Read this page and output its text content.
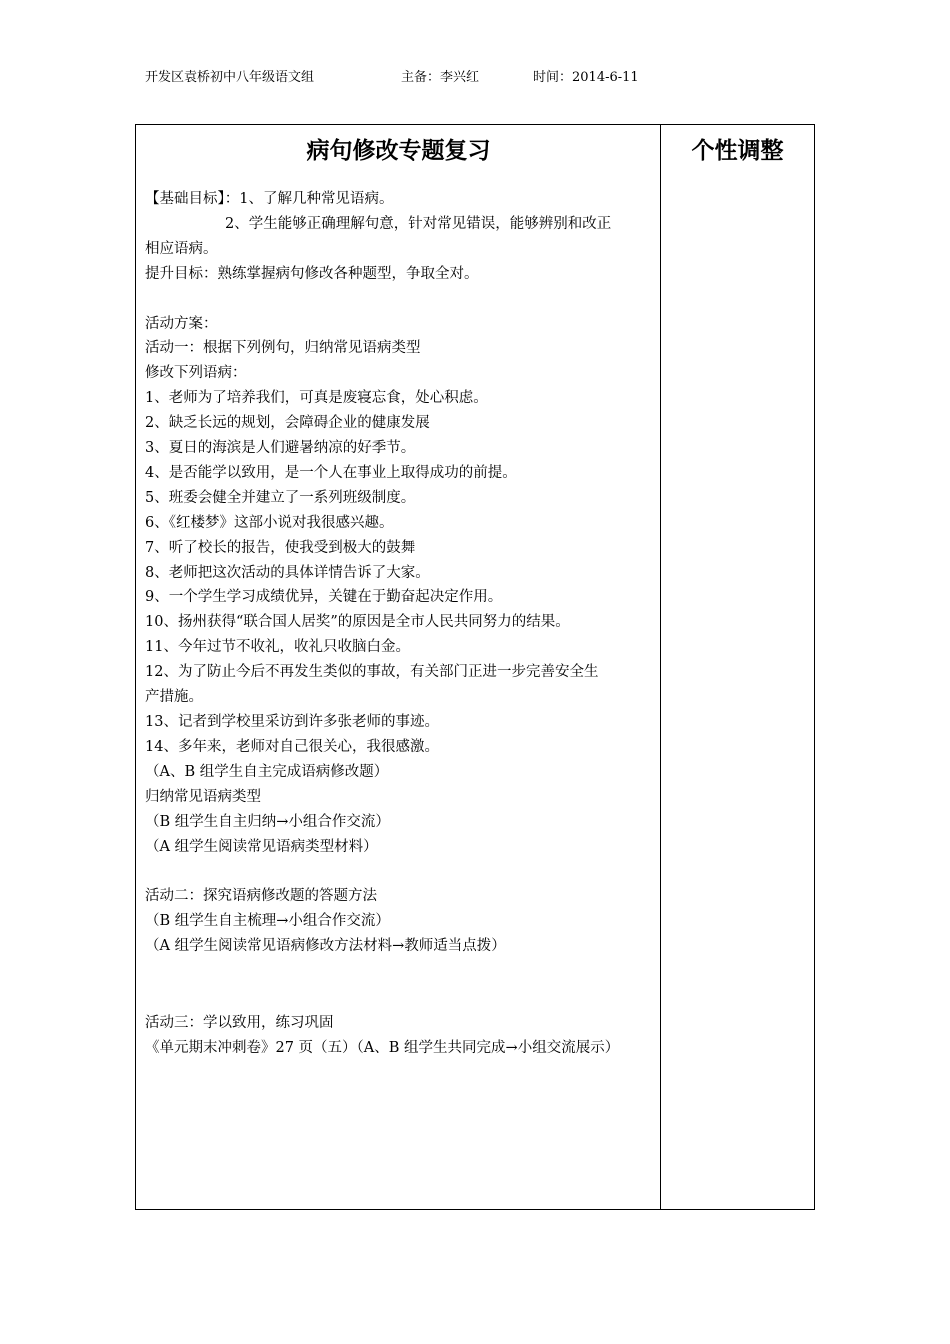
开发区袁桥初中八年级语文组	主备：李兴红	时间：2014-6-11
病句修改专题复习

【基础目标】：1、了解几种常见语病。

2、学生能够正确理解句意，针对常见错误，能够辨别和改正

相应语病。

提升目标：熟练掌握病句修改各种题型，争取全对。

活动方案：

活动一：根据下列例句，归纳常见语病类型

修改下列语病：

1、老师为了培养我们，可真是废寝忘食，处心积虑。

2、缺乏长远的规划，会障碍企业的健康发展

3、夏日的海滨是人们避暑纳凉的好季节。

4、是否能学以致用，是一个人在事业上取得成功的前提。

5、班委会健全并建立了一系列班级制度。

6、《红楼梦》这部小说对我很感兴趣。

7、听了校长的报告，使我受到极大的鼓舞

8、老师把这次活动的具体详情告诉了大家。

9、一个学生学习成绩优异，关键在于勤奋起决定作用。

10、扬州获得“联合国人居奖”的原因是全市人民共同努力的结果。

11、今年过节不收礼，收礼只收脑白金。

12、为了防止今后不再发生类似的事故，有关部门正进一步完善安全生

产措施。

13、记者到学校里采访到许多张老师的事迹。

14、多年来，老师对自己很关心，我很感激。

（A、B 组学生自主完成语病修改题）

归纳常见语病类型

（B 组学生自主归纳→小组合作交流）

（A 组学生阅读常见语病类型材料）

活动二：探究语病修改题的答题方法

（B 组学生自主梳理→小组合作交流）

（A 组学生阅读常见语病修改方法材料→教师适当点拨）

活动三：学以致用，练习巩固

《单元期末冲刺卷》27 页（五）（A、B 组学生共同完成→小组交流展示）

个性调整
